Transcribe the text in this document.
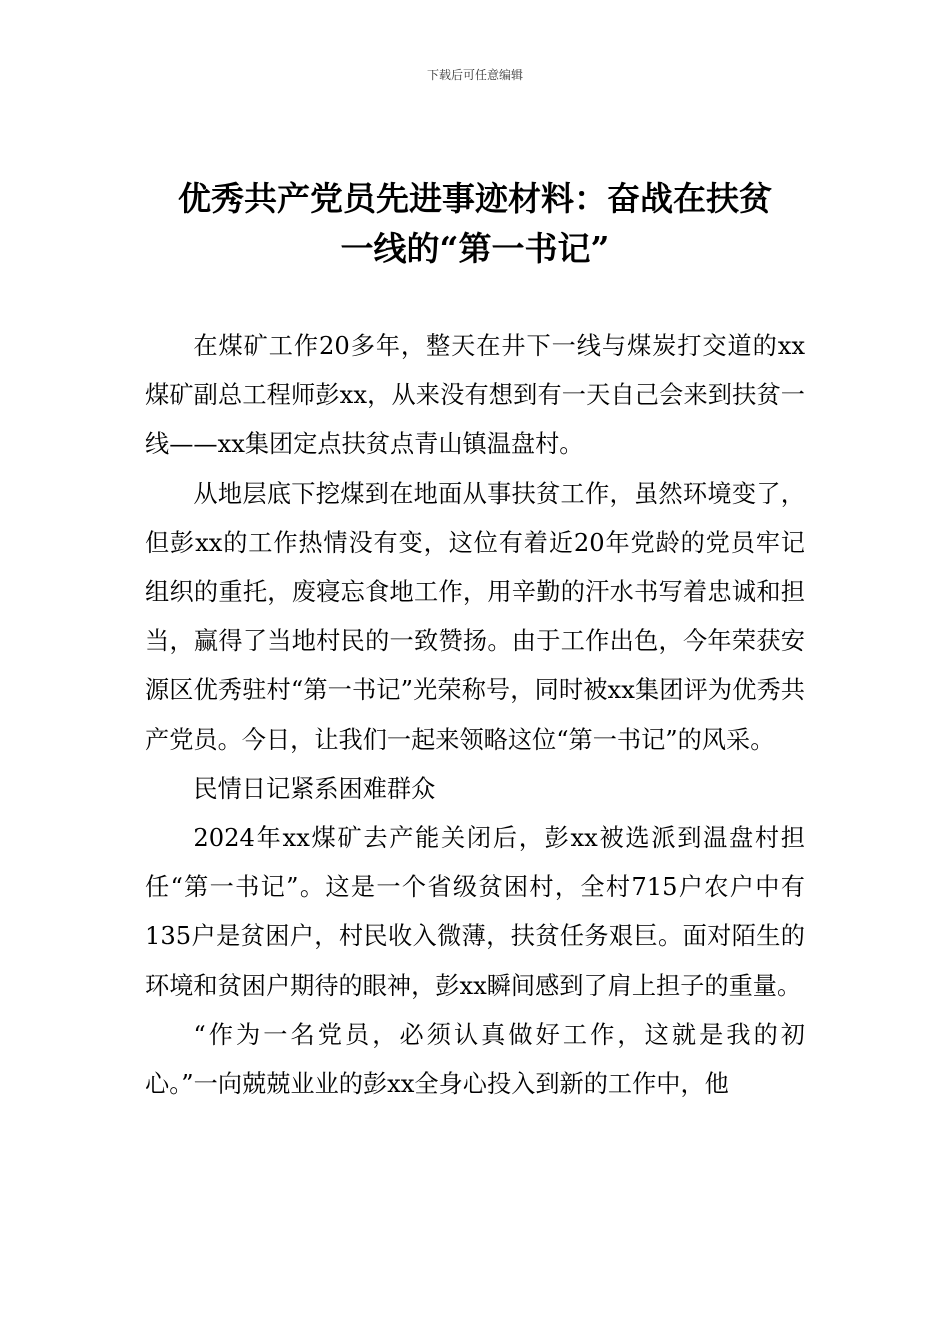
下载后可任意编辑
优秀共产党员先进事迹材料：奋战在扶贫
一线的“第一书记”

在煤矿工作20多年，整天在井下一线与煤炭打交道的xx煤矿副总工程师彭xx，从来没有想到有一天自己会来到扶贫一线——xx集团定点扶贫点青山镇温盘村。

从地层底下挖煤到在地面从事扶贫工作，虽然环境变了，但彭xx的工作热情没有变，这位有着近20年党龄的党员牢记组织的重托，废寝忘食地工作，用辛勤的汗水书写着忠诚和担当，赢得了当地村民的一致赞扬。由于工作出色，今年荣获安源区优秀驻村“第一书记”光荣称号，同时被xx集团评为优秀共产党员。今日，让我们一起来领略这位“第一书记”的风采。

民情日记紧系困难群众

2024年xx煤矿去产能关闭后，彭xx被选派到温盘村担任“第一书记”。这是一个省级贫困村，全村715户农户中有135户是贫困户，村民收入微薄，扶贫任务艰巨。面对陌生的环境和贫困户期待的眼神，彭xx瞬间感到了肩上担子的重量。

“作为一名党员，必须认真做好工作，这就是我的初心。”一向兢兢业业的彭xx全身心投入到新的工作中，他
